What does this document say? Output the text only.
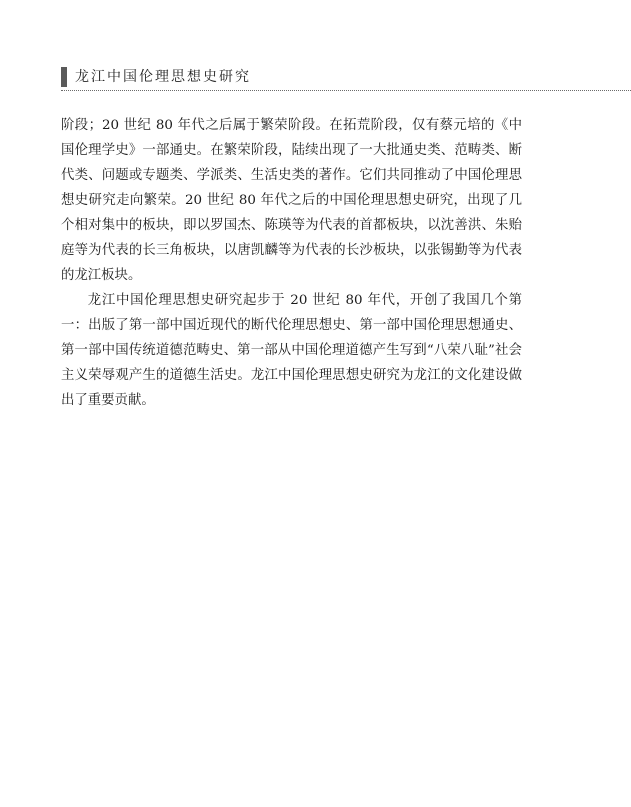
龙江中国伦理思想史研究

阶段；20 世纪 80 年代之后属于繁荣阶段。在拓荒阶段，仅有蔡元培的《中国伦理学史》一部通史。在繁荣阶段，陆续出现了一大批通史类、范畴类、断代类、问题或专题类、学派类、生活史类的著作。它们共同推动了中国伦理思想史研究走向繁荣。20 世纪 80 年代之后的中国伦理思想史研究，出现了几个相对集中的板块，即以罗国杰、陈瑛等为代表的首都板块，以沈善洪、朱贻庭等为代表的长三角板块，以唐凯麟等为代表的长沙板块，以张锡勤等为代表的龙江板块。

龙江中国伦理思想史研究起步于 20 世纪 80 年代，开创了我国几个第一：出版了第一部中国近现代的断代伦理思想史、第一部中国伦理思想通史、第一部中国传统道德范畴史、第一部从中国伦理道德产生写到“八荣八耻”社会主义荣辱观产生的道德生活史。龙江中国伦理思想史研究为龙江的文化建设做出了重要贡献。
